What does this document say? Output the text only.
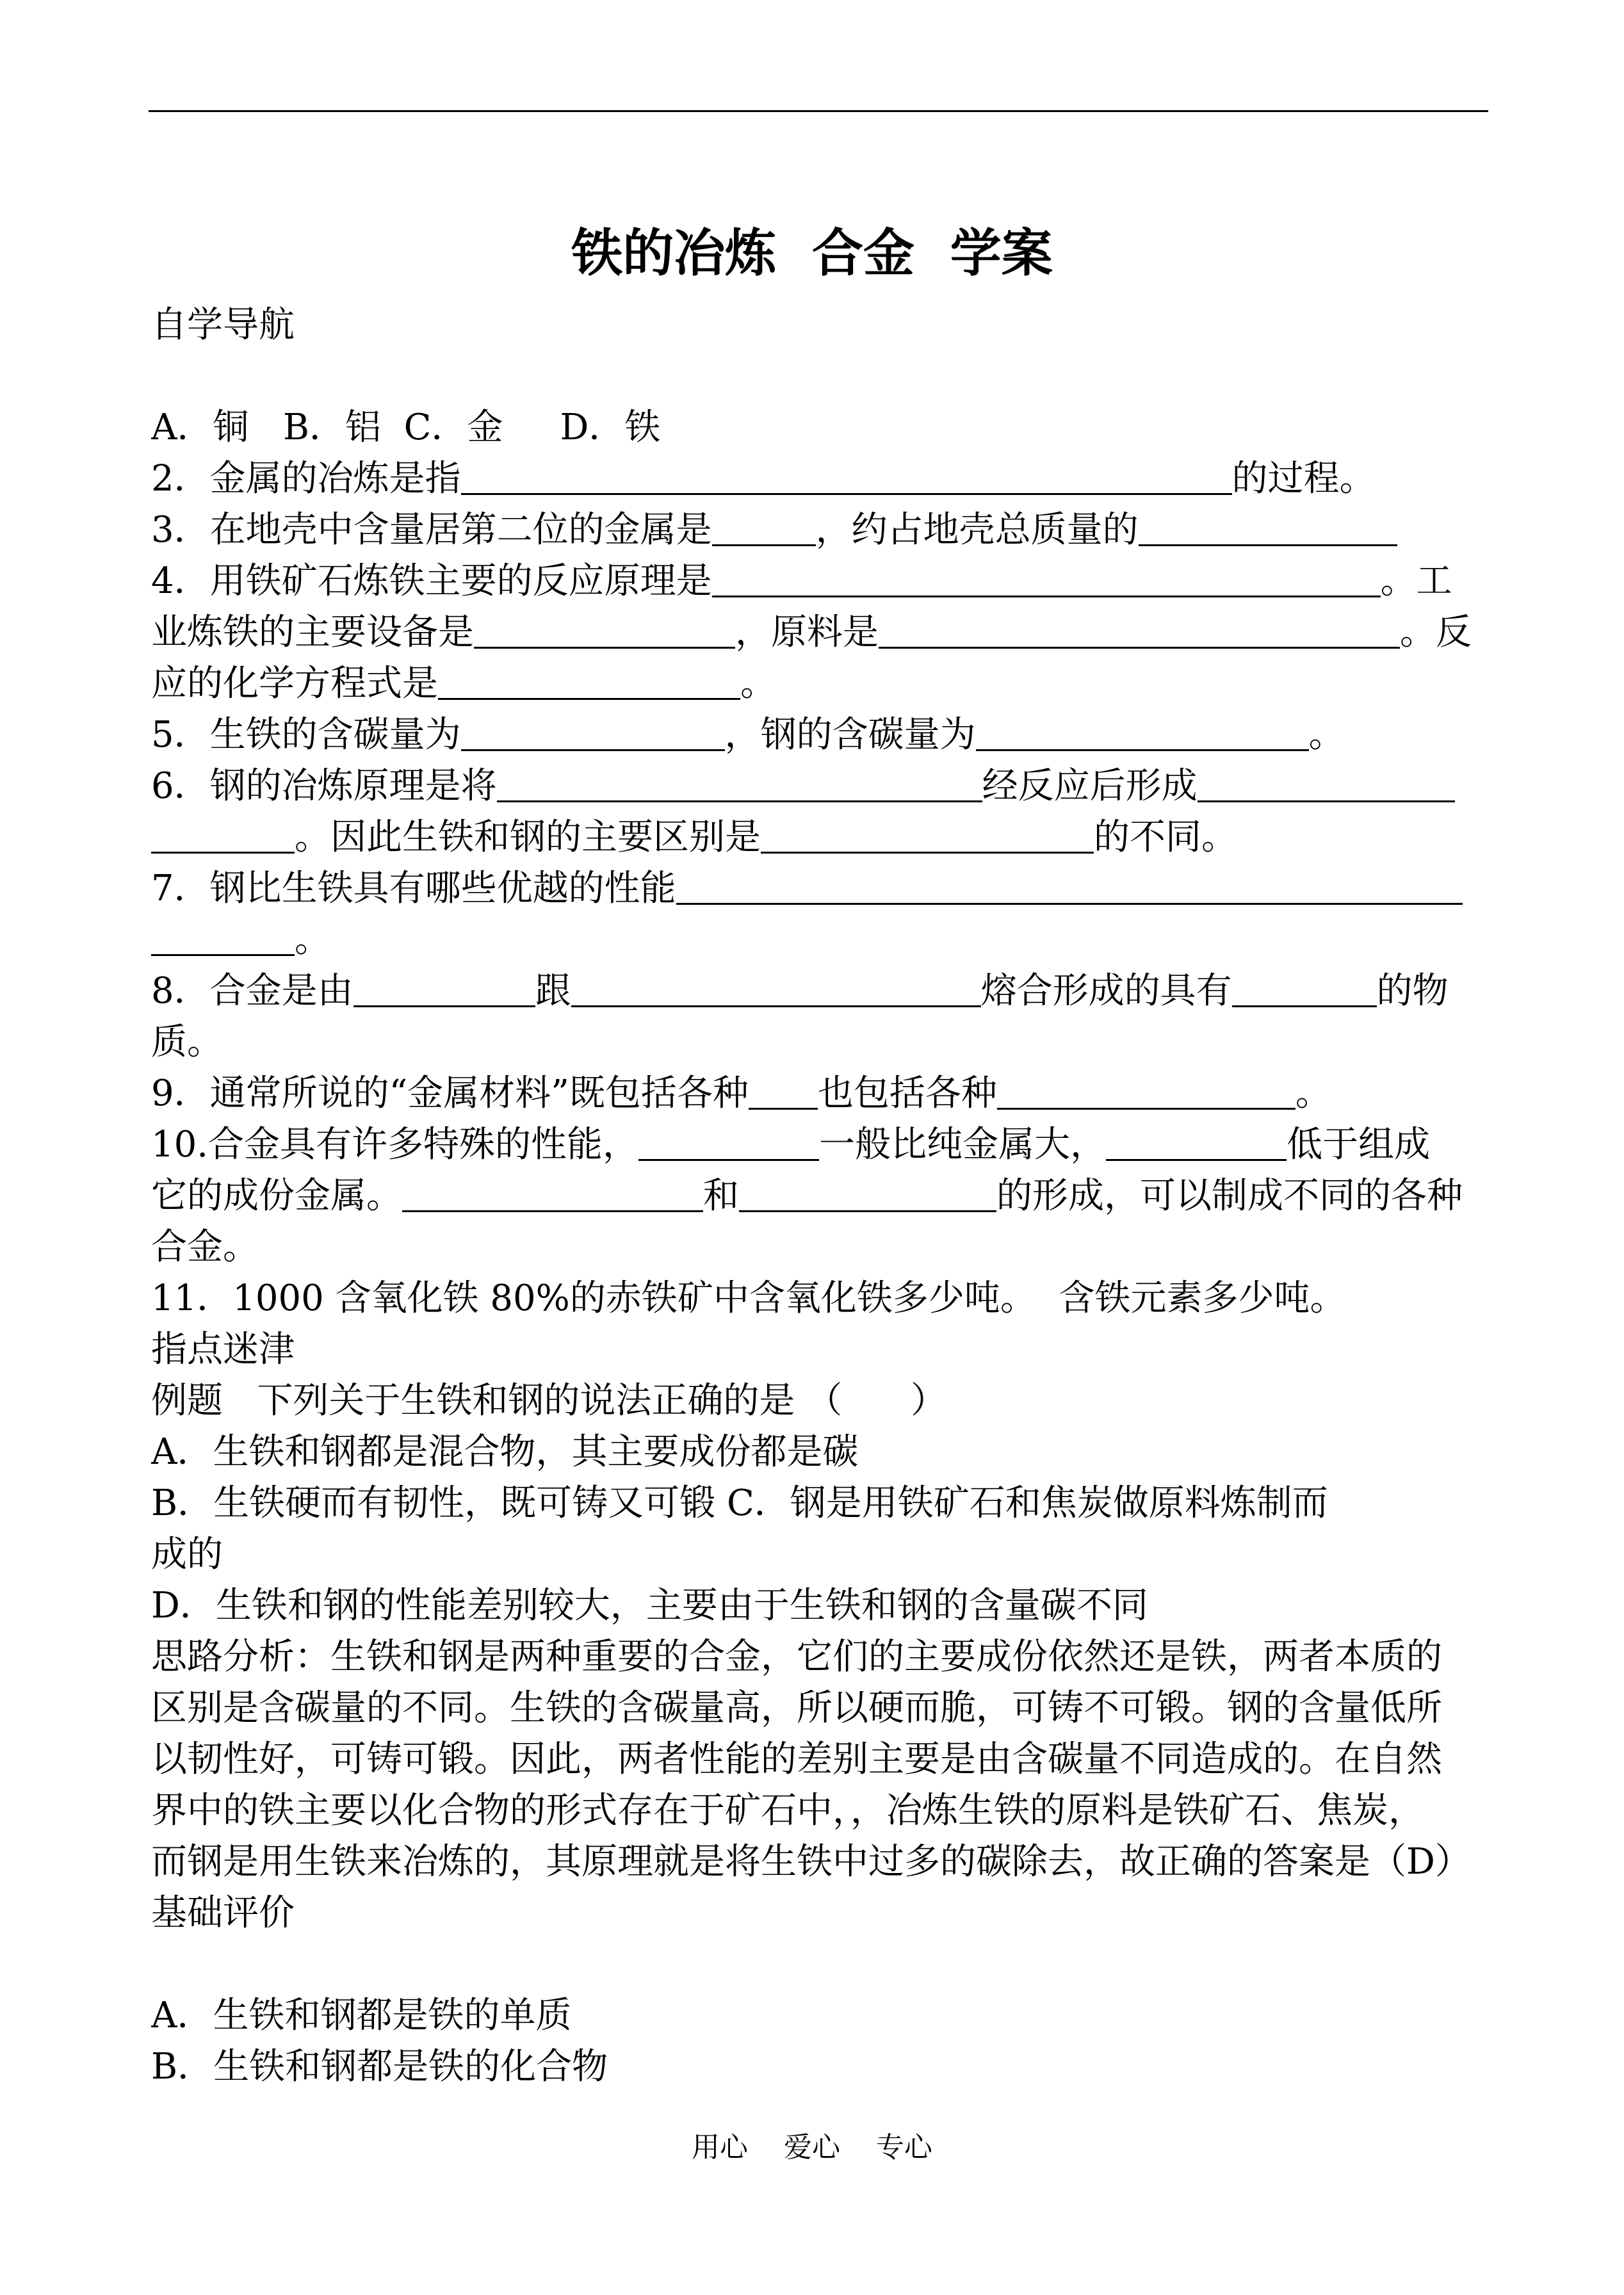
铁的冶炼  合金  学案
自学导航

A．铜   B．铝  C．金     D．铁
2．金属的冶炼是指	的过程。
3．在地壳中含量居第二位的金属是	，约占地壳总质量的
4．用铁矿石炼铁主要的反应原理是	。工
业炼铁的主要设备是	，原料是	。反
应的化学方程式是	。
5．生铁的含碳量为	，钢的含碳量为	。
6．钢的冶炼原理是将	经反应后形成
。因此生铁和钢的主要区别是	的不同。
7．钢比生铁具有哪些优越的性能
。
8．合金是由	跟	熔合形成的具有	的物
质。
9．通常所说的“金属材料”既包括各种 也包括各种	。
10.合金具有许多特殊的性能，	一般比纯金属大，	低于组成
它的成份金属。	和	的形成，可以制成不同的各种
合金。
11．1000 含氧化铁 80%的赤铁矿中含氧化铁多少吨。  含铁元素多少吨。
指点迷津
例题   下列关于生铁和钢的说法正确的是 （      ）
A．生铁和钢都是混合物，其主要成份都是碳
B．生铁硬而有韧性，既可铸又可锻 C．钢是用铁矿石和焦炭做原料炼制而
成的
D．生铁和钢的性能差别较大，主要由于生铁和钢的含量碳不同
思路分析：生铁和钢是两种重要的合金，它们的主要成份依然还是铁，两者本质的
区别是含碳量的不同。生铁的含碳量高，所以硬而脆，可铸不可锻。钢的含量低所
以韧性好，可铸可锻。因此，两者性能的差别主要是由含碳量不同造成的。在自然
界中的铁主要以化合物的形式存在于矿石中，，冶炼生铁的原料是铁矿石、焦炭，
而钢是用生铁来冶炼的，其原理就是将生铁中过多的碳除去，故正确的答案是（D）
基础评价

A．生铁和钢都是铁的单质
B．生铁和钢都是铁的化合物
用心    爱心    专心
